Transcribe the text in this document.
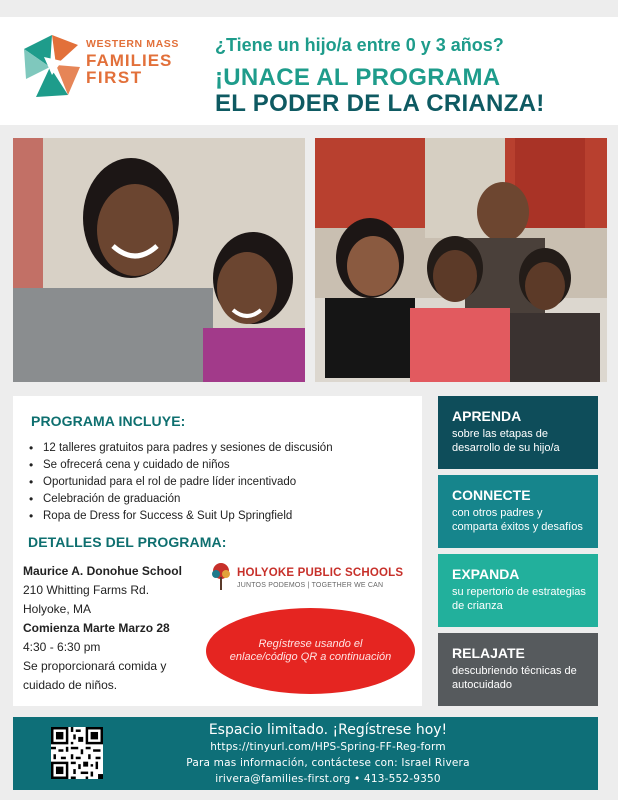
WESTERN MASS
FAMILIES
FIRST
¿Tiene un hijo/a entre 0 y 3 años?
¡UNACE AL PROGRAMA
EL PODER DE LA CRIANZA!
PROGRAMA INCLUYE:
• 12 talleres gratuitos para padres y sesiones de discusión
• Se ofrecerá cena y cuidado de niños
• Oportunidad para el rol de padre líder incentivado
• Celebración de graduación
• Ropa de Dress for Success & Suit Up Springfield
DETALLES DEL PROGRAMA:
Maurice A. Donohue School
210 Whitting Farms Rd.
Holyoke, MA
Comienza Marte Marzo 28
4:30 - 6:30 pm
Se proporcionará comida y
cuidado de niños.
HOLYOKE PUBLIC SCHOOLS
JUNTOS PODEMOS | TOGETHER WE CAN
Regístrese usando el enlace/código QR a continuación
APRENDA
sobre las etapas de desarrollo de su hijo/a
CONNECTE
con otros padres y comparta éxitos y desafíos
EXPANDA
su repertorio de estrategias de crianza
RELAJATE
descubriendo técnicas de autocuidado
Espacio limitado. ¡Regístrese hoy!
https://tinyurl.com/HPS-Spring-FF-Reg-form
Para mas información, contáctese con: Israel Rivera
irivera@families-first.org • 413-552-9350
